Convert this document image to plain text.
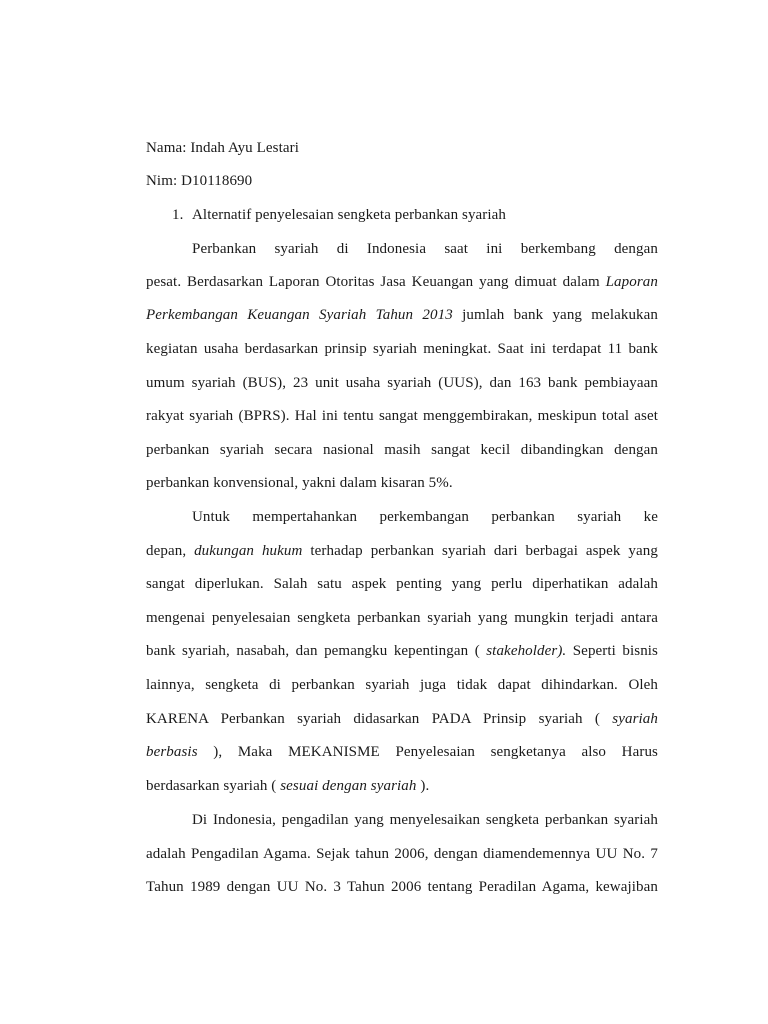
Nama: Indah Ayu Lestari
Nim: D10118690
1. Alternatif penyelesaian sengketa perbankan syariah
Perbankan syariah di Indonesia saat ini berkembang dengan
pesat. Berdasarkan Laporan Otoritas Jasa Keuangan yang dimuat dalam Laporan
Perkembangan Keuangan Syariah Tahun 2013 jumlah bank yang melakukan
kegiatan usaha berdasarkan prinsip syariah meningkat. Saat ini terdapat 11 bank
umum syariah (BUS), 23 unit usaha syariah (UUS), dan 163 bank pembiayaan
rakyat syariah (BPRS). Hal ini tentu sangat menggembirakan, meskipun total aset
perbankan syariah secara nasional masih sangat kecil dibandingkan dengan
perbankan konvensional, yakni dalam kisaran 5%.
Untuk mempertahankan perkembangan perbankan syariah ke
depan, dukungan hukum terhadap perbankan syariah dari berbagai aspek yang
sangat diperlukan. Salah satu aspek penting yang perlu diperhatikan adalah
mengenai penyelesaian sengketa perbankan syariah yang mungkin terjadi antara
bank syariah, nasabah, dan pemangku kepentingan ( stakeholder). Seperti bisnis
lainnya, sengketa di perbankan syariah juga tidak dapat dihindarkan. Oleh
KARENA Perbankan syariah didasarkan PADA Prinsip syariah ( syariah
berbasis ), Maka MEKANISME Penyelesaian sengketanya also Harus
berdasarkan syariah ( sesuai dengan syariah ).
Di Indonesia, pengadilan yang menyelesaikan sengketa perbankan syariah
adalah Pengadilan Agama. Sejak tahun 2006, dengan diamendemennya UU No. 7
Tahun 1989 dengan UU No. 3 Tahun 2006 tentang Peradilan Agama, kewajiban
